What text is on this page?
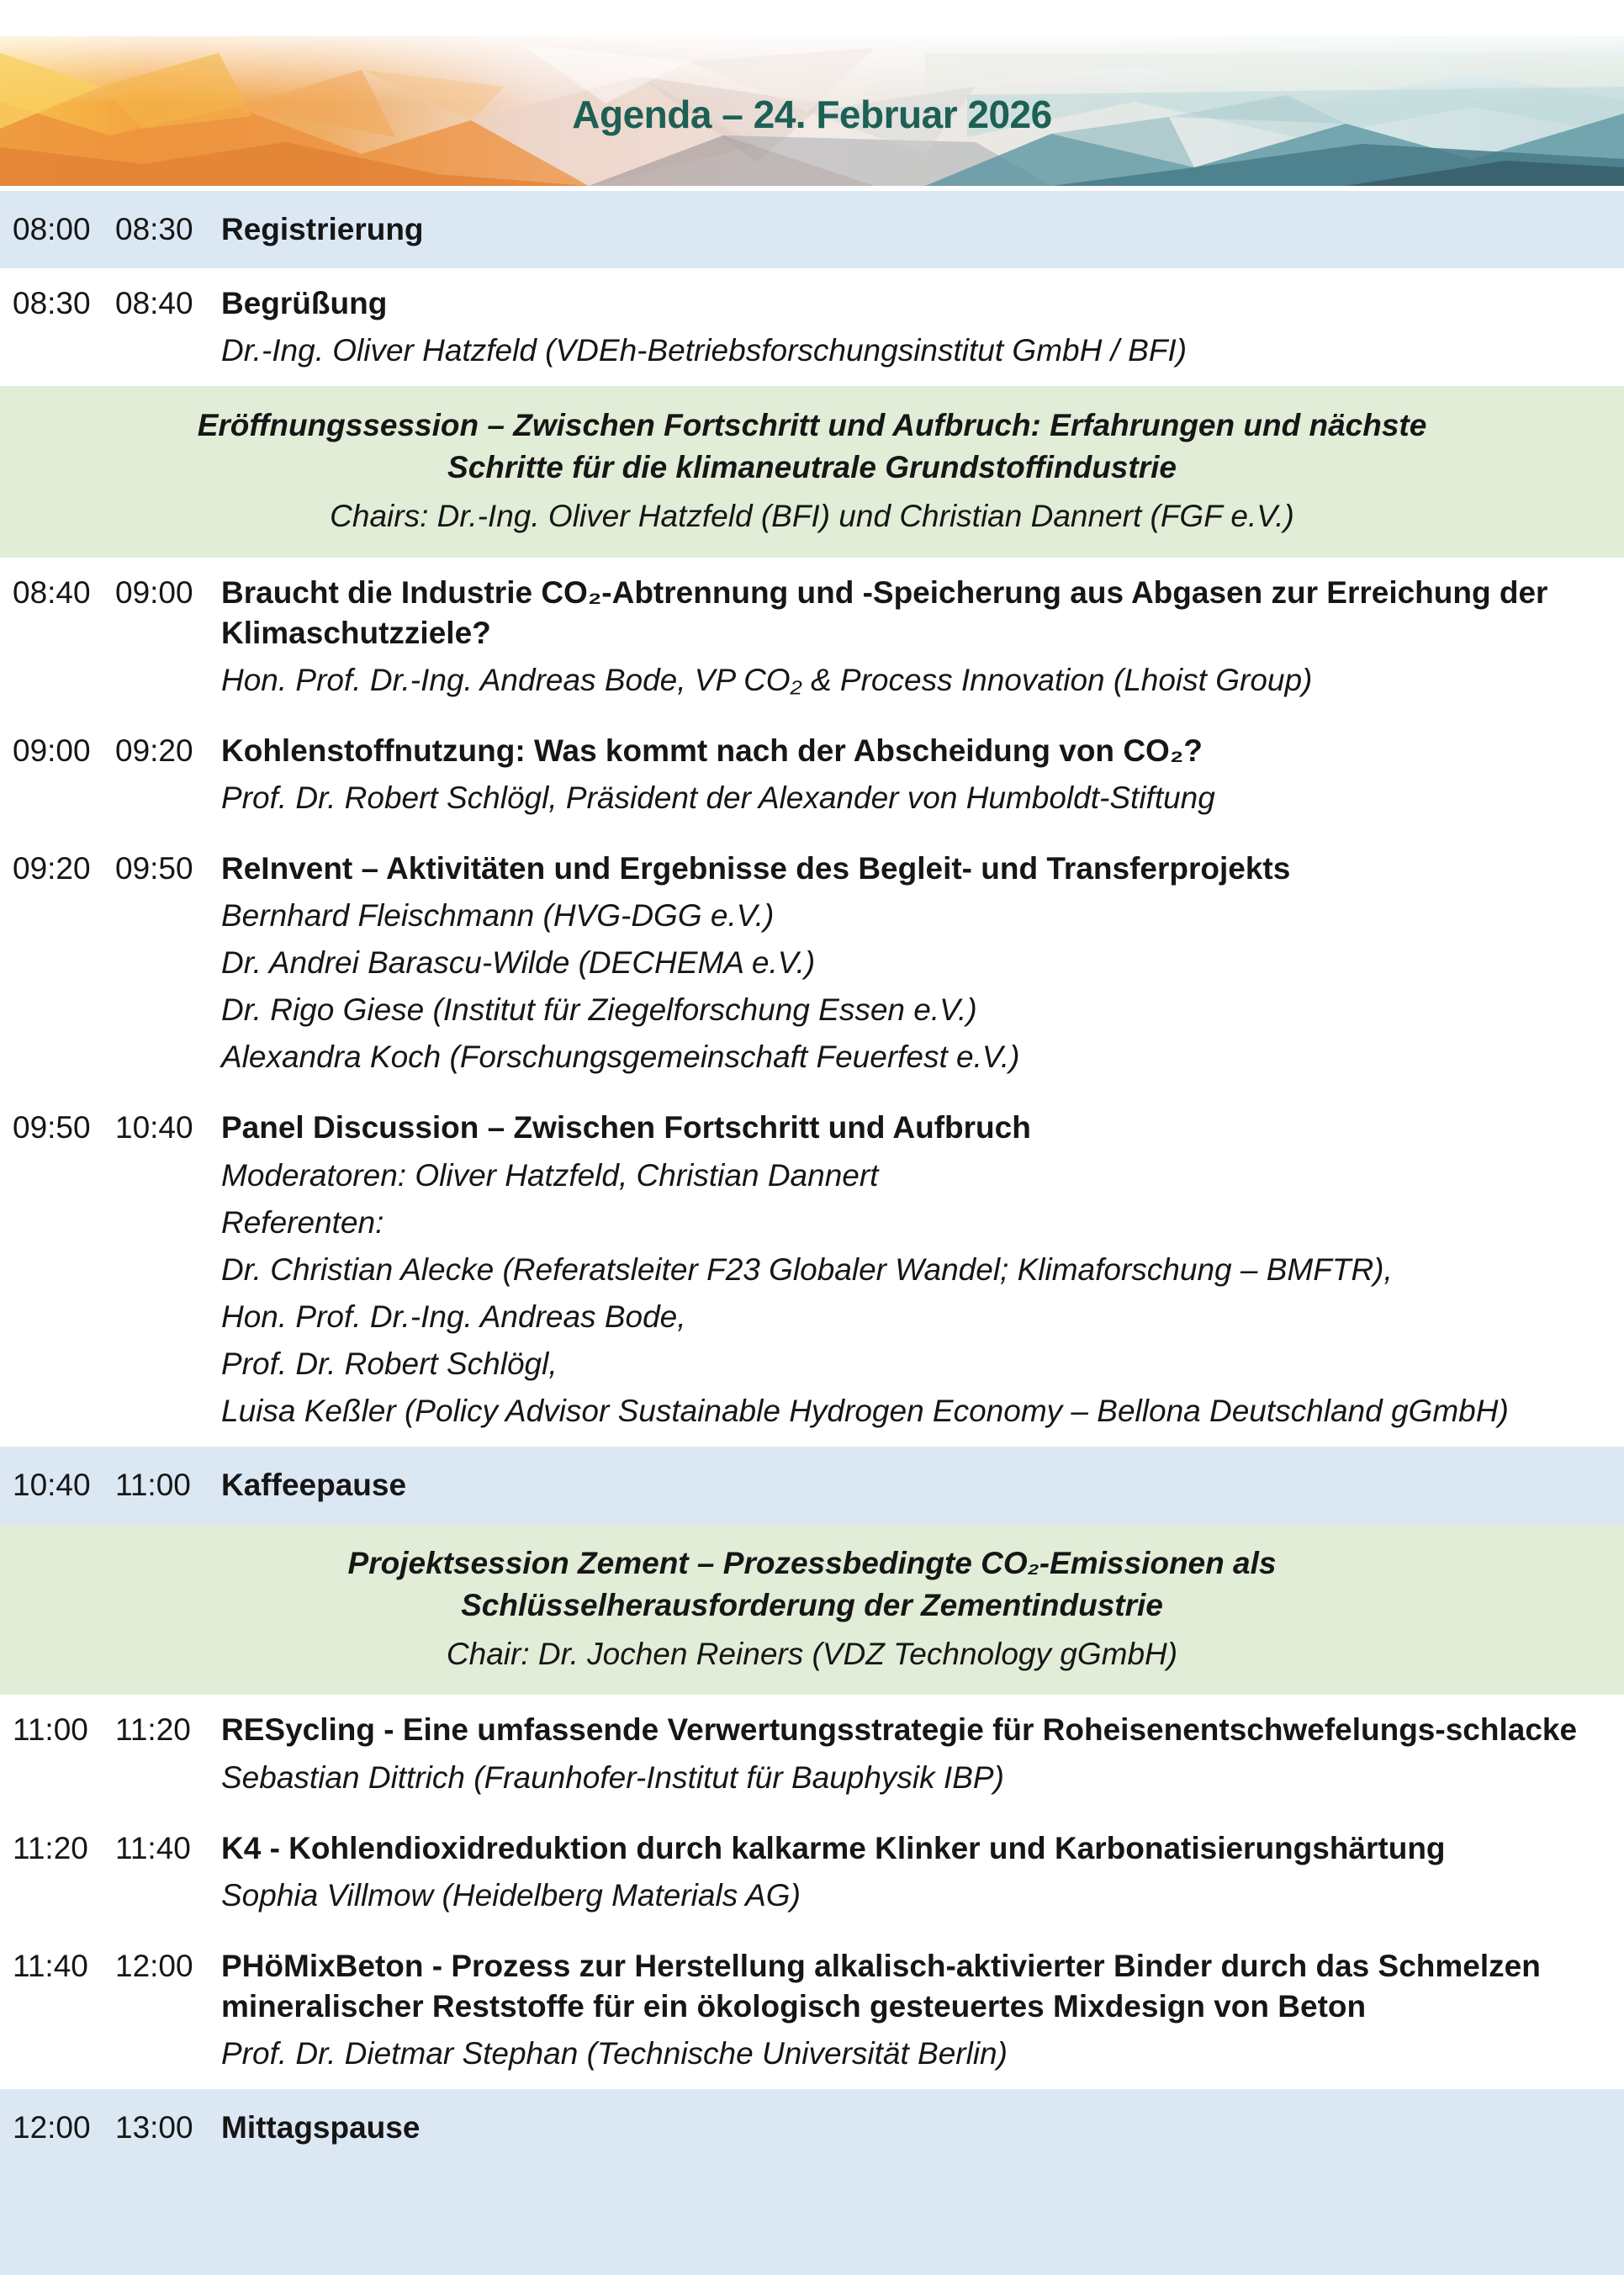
Agenda – 24. Februar 2026
08:00 08:30 Registrierung
08:30 08:40 Begrüßung
Dr.-Ing. Oliver Hatzfeld (VDEh-Betriebsforschungsinstitut GmbH / BFI)
Eröffnungssession – Zwischen Fortschritt und Aufbruch: Erfahrungen und nächste Schritte für die klimaneutrale Grundstoffindustrie
Chairs: Dr.-Ing. Oliver Hatzfeld (BFI) und Christian Dannert (FGF e.V.)
08:40 09:00 Braucht die Industrie CO₂-Abtrennung und -Speicherung aus Abgasen zur Erreichung der Klimaschutzziele?
Hon. Prof. Dr.-Ing. Andreas Bode, VP CO₂ & Process Innovation (Lhoist Group)
09:00 09:20 Kohlenstoffnutzung: Was kommt nach der Abscheidung von CO₂?
Prof. Dr. Robert Schlögl, Präsident der Alexander von Humboldt-Stiftung
09:20 09:50 ReInvent – Aktivitäten und Ergebnisse des Begleit- und Transferprojekts
Bernhard Fleischmann (HVG-DGG e.V.)
Dr. Andrei Barascu-Wilde (DECHEMA e.V.)
Dr. Rigo Giese (Institut für Ziegelforschung Essen e.V.)
Alexandra Koch (Forschungsgemeinschaft Feuerfest e.V.)
09:50 10:40 Panel Discussion – Zwischen Fortschritt und Aufbruch
Moderatoren: Oliver Hatzfeld, Christian Dannert
Referenten:
Dr. Christian Alecke (Referatsleiter F23 Globaler Wandel; Klimaforschung – BMFTR),
Hon. Prof. Dr.-Ing. Andreas Bode,
Prof. Dr. Robert Schlögl,
Luisa Keßler (Policy Advisor Sustainable Hydrogen Economy – Bellona Deutschland gGmbH)
10:40 11:00 Kaffeepause
Projektsession Zement – Prozessbedingte CO₂-Emissionen als Schlüsselherausforderung der Zementindustrie
Chair: Dr. Jochen Reiners (VDZ Technology gGmbH)
11:00 11:20 RESycling - Eine umfassende Verwertungsstrategie für Roheisenentschwefelungs-schlacke
Sebastian Dittrich (Fraunhofer-Institut für Bauphysik IBP)
11:20 11:40 K4 - Kohlendioxidreduktion durch kalkarme Klinker und Karbonatisierungshärtung
Sophia Villmow (Heidelberg Materials AG)
11:40 12:00 PHöMixBeton - Prozess zur Herstellung alkalisch-aktivierter Binder durch das Schmelzen mineralischer Reststoffe für ein ökologisch gesteuertes Mixdesign von Beton
Prof. Dr. Dietmar Stephan (Technische Universität Berlin)
12:00 13:00 Mittagspause
